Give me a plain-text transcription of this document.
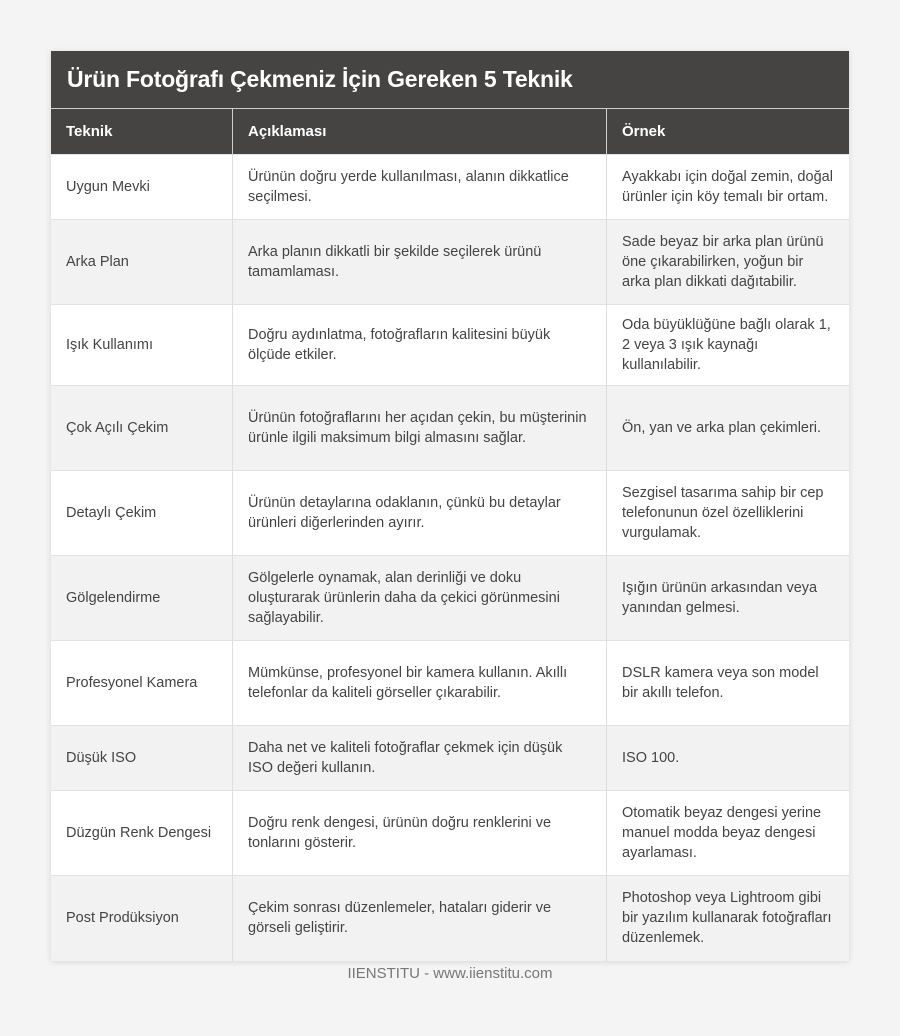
Ürün Fotoğrafı Çekmeniz İçin Gereken 5 Teknik
Teknik	Açıklaması	Örnek
Uygun Mevki	Ürünün doğru yerde kullanılması, alanın dikkatlice seçilmesi.	Ayakkabı için doğal zemin, doğal ürünler için köy temalı bir ortam.
Arka Plan	Arka planın dikkatli bir şekilde seçilerek ürünü tamamlaması.	Sade beyaz bir arka plan ürünü öne çıkarabilirken, yoğun bir arka plan dikkati dağıtabilir.
Işık Kullanımı	Doğru aydınlatma, fotoğrafların kalitesini büyük ölçüde etkiler.	Oda büyüklüğüne bağlı olarak 1, 2 veya 3 ışık kaynağı kullanılabilir.
Çok Açılı Çekim	Ürünün fotoğraflarını her açıdan çekin, bu müşterinin ürünle ilgili maksimum bilgi almasını sağlar.	Ön, yan ve arka plan çekimleri.
Detaylı Çekim	Ürünün detaylarına odaklanın, çünkü bu detaylar ürünleri diğerlerinden ayırır.	Sezgisel tasarıma sahip bir cep telefonunun özel özelliklerini vurgulamak.
Gölgelendirme	Gölgelerle oynamak, alan derinliği ve doku oluşturarak ürünlerin daha da çekici görünmesini sağlayabilir.	Işığın ürünün arkasından veya yanından gelmesi.
Profesyonel Kamera	Mümkünse, profesyonel bir kamera kullanın. Akıllı telefonlar da kaliteli görseller çıkarabilir.	DSLR kamera veya son model bir akıllı telefon.
Düşük ISO	Daha net ve kaliteli fotoğraflar çekmek için düşük ISO değeri kullanın.	ISO 100.
Düzgün Renk Dengesi	Doğru renk dengesi, ürünün doğru renklerini ve tonlarını gösterir.	Otomatik beyaz dengesi yerine manuel modda beyaz dengesi ayarlaması.
Post Prodüksiyon	Çekim sonrası düzenlemeler, hataları giderir ve görseli geliştirir.	Photoshop veya Lightroom gibi bir yazılım kullanarak fotoğrafları düzenlemek.
IIENSTITU - www.iienstitu.com
